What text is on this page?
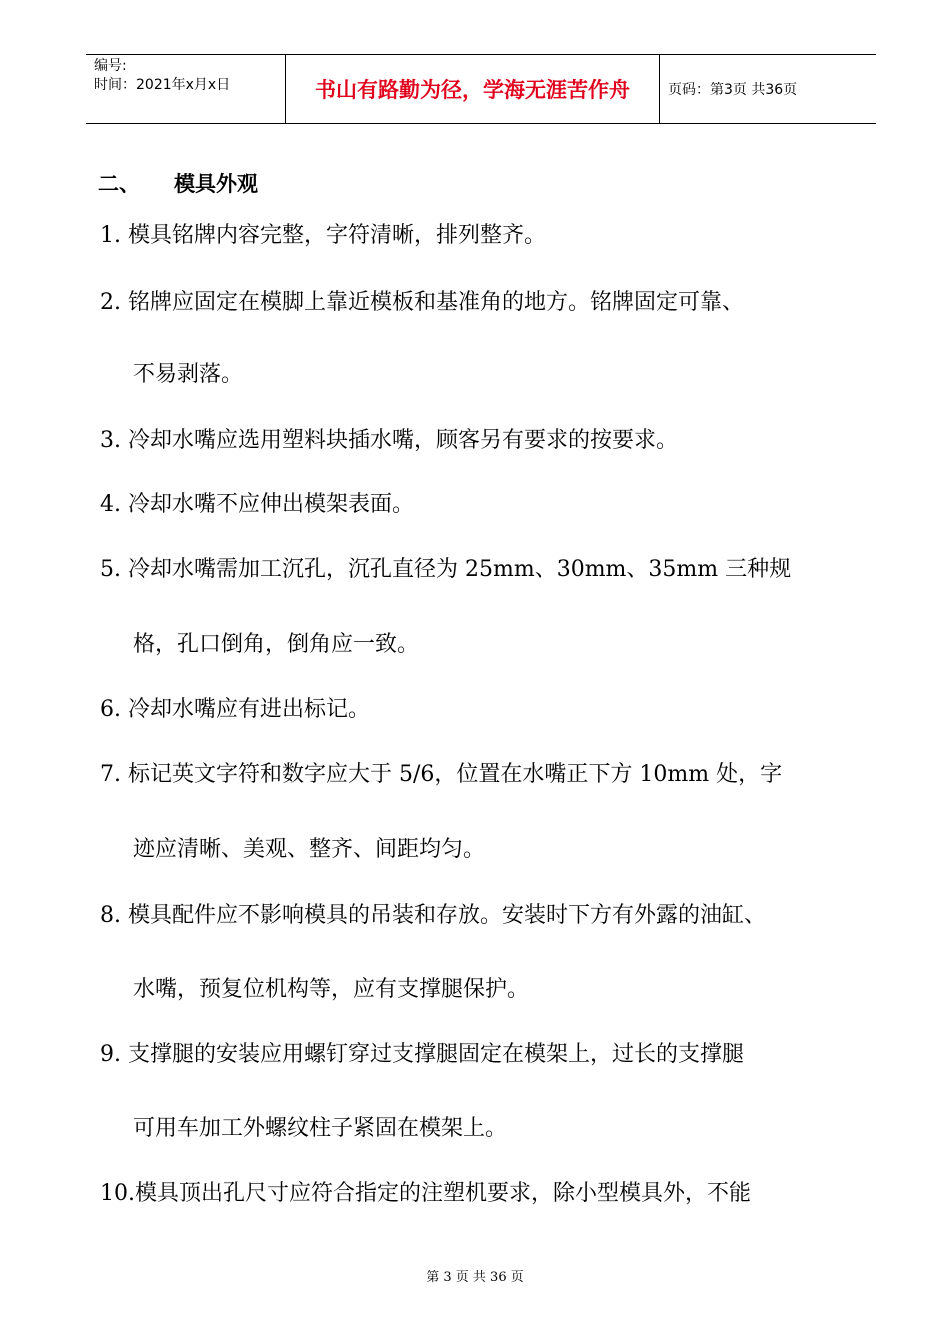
编号:
时间：2021年x月x日	书山有路勤为径，学海无涯苦作舟	页码：第3页 共36页
二、 模具外观
1. 模具铭牌内容完整，字符清晰，排列整齐。
2. 铭牌应固定在模脚上靠近模板和基准角的地方。铭牌固定可靠、
不易剥落。
3. 冷却水嘴应选用塑料块插水嘴，顾客另有要求的按要求。
4. 冷却水嘴不应伸出模架表面。
5. 冷却水嘴需加工沉孔，沉孔直径为 25mm、30mm、35mm 三种规
格，孔口倒角，倒角应一致。
6. 冷却水嘴应有进出标记。
7. 标记英文字符和数字应大于 5/6，位置在水嘴正下方 10mm 处，字
迹应清晰、美观、整齐、间距均匀。
8. 模具配件应不影响模具的吊装和存放。安装时下方有外露的油缸、
水嘴，预复位机构等，应有支撑腿保护。
9. 支撑腿的安装应用螺钉穿过支撑腿固定在模架上，过长的支撑腿
可用车加工外螺纹柱子紧固在模架上。
10.模具顶出孔尺寸应符合指定的注塑机要求，除小型模具外，不能
第 3 页 共 36 页
